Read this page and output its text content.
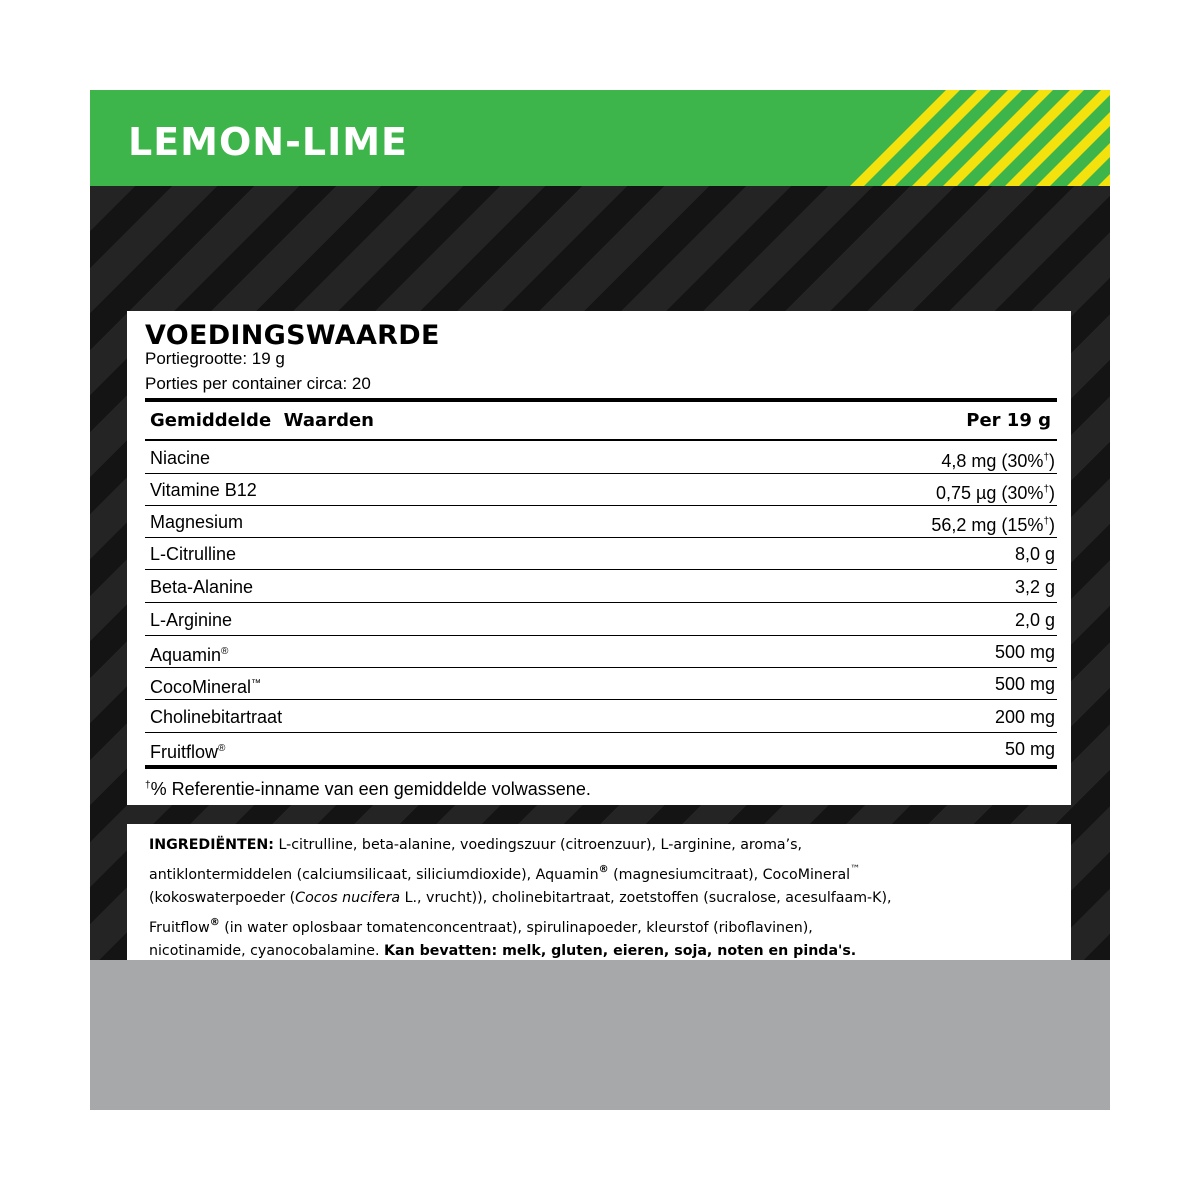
LEMON-LIME
VOEDINGSWAARDE
Portiegrootte: 19 g
Porties per container circa: 20
Gemiddelde  Waarden	Per 19 g
Niacine	4,8 mg (30%†)
Vitamine B12	0,75 µg (30%†)
Magnesium	56,2 mg (15%†)
L-Citrulline	8,0 g
Beta-Alanine	3,2 g
L-Arginine	2,0 g
Aquamin®	500 mg
CocoMineral™	500 mg
Cholinebitartraat	200 mg
Fruitflow®	50 mg
†% Referentie-inname van een gemiddelde volwassene.

INGREDIËNTEN: L-citrulline, beta-alanine, voedingszuur (citroenzuur), L-arginine, aroma’s,
antiklontermiddelen (calciumsilicaat, siliciumdioxide), Aquamin® (magnesiumcitraat), CocoMineral™
(kokoswaterpoeder (Cocos nucifera L., vrucht)), cholinebitartraat, zoetstoffen (sucralose, acesulfaam-K),
Fruitflow® (in water oplosbaar tomatenconcentraat), spirulinapoeder, kleurstof (riboflavinen),
nicotinamide, cyanocobalamine. Kan bevatten: melk, gluten, eieren, soja, noten en pinda's.
